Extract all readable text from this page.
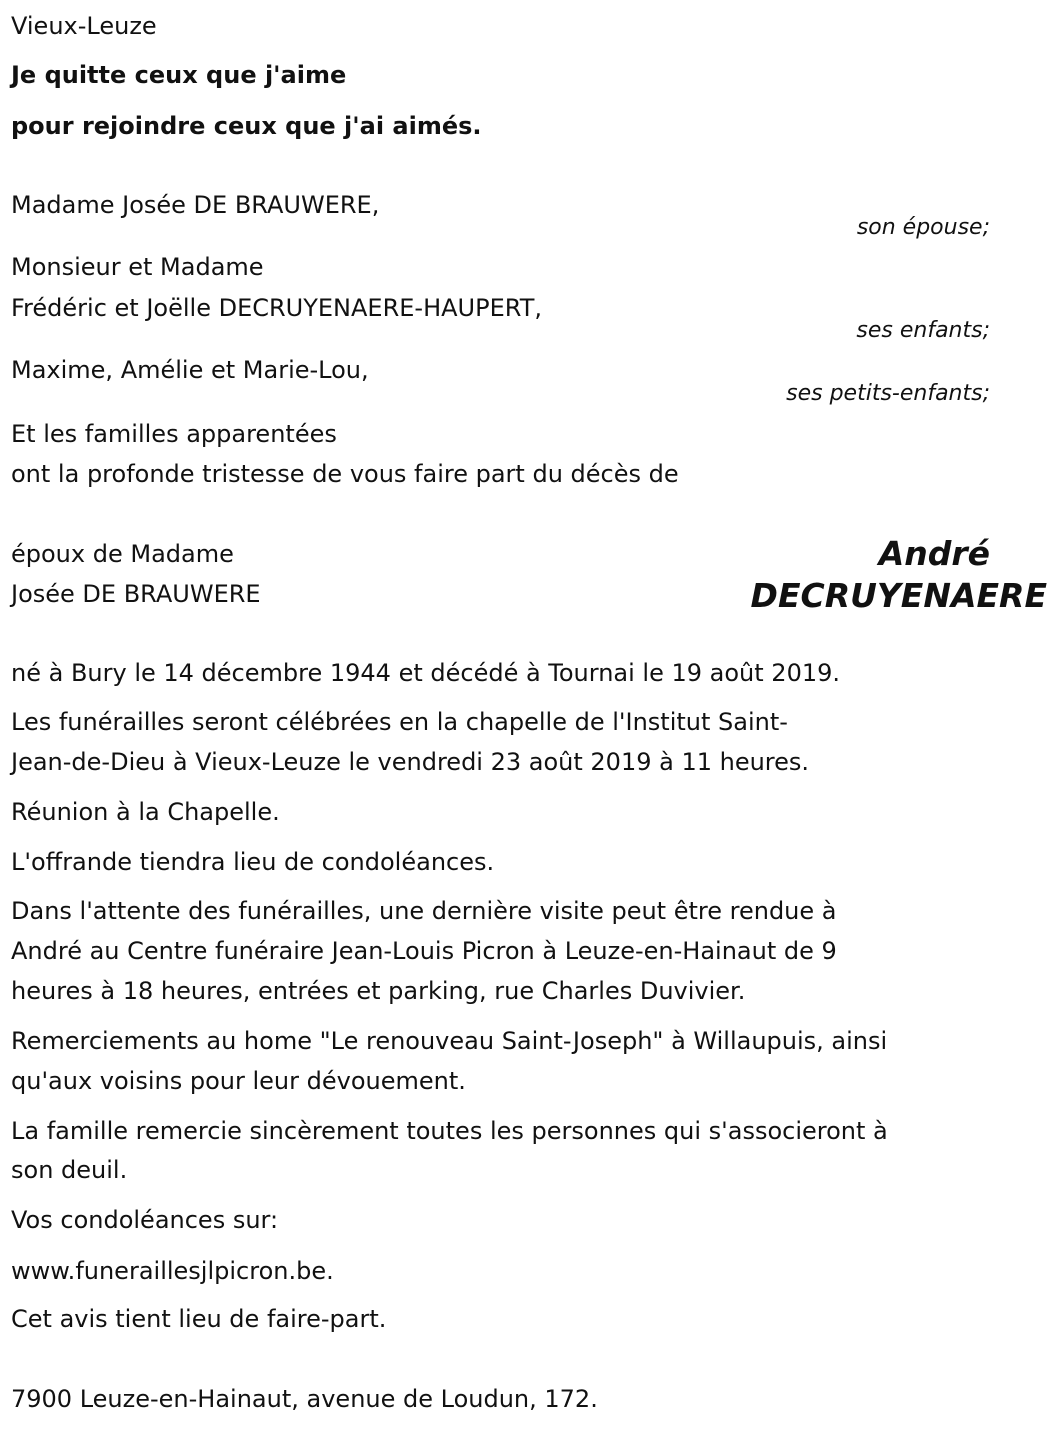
Vieux-Leuze
Je quitte ceux que j'aime
pour rejoindre ceux que j'ai aimés.
Madame Josée DE BRAUWERE,
son épouse;
Monsieur et Madame
Frédéric et Joëlle DECRUYENAERE-HAUPERT,
ses enfants;
Maxime, Amélie et Marie-Lou,
ses petits-enfants;
Et les familles apparentées
ont la profonde tristesse de vous faire part du décès de
époux de Madame
Josée DE BRAUWERE
André
DECRUYENAERE
né à Bury le 14 décembre 1944 et décédé à Tournai le 19 août 2019.
Les funérailles seront célébrées en la chapelle de l'Institut Saint-
Jean-de-Dieu à Vieux-Leuze le vendredi 23 août 2019 à 11 heures.
Réunion à la Chapelle.
L'offrande tiendra lieu de condoléances.
Dans l'attente des funérailles, une dernière visite peut être rendue à
André au Centre funéraire Jean-Louis Picron à Leuze-en-Hainaut de 9
heures à 18 heures, entrées et parking, rue Charles Duvivier.
Remerciements au home "Le renouveau Saint-Joseph" à Willaupuis, ainsi
qu'aux voisins pour leur dévouement.
La famille remercie sincèrement toutes les personnes qui s'associeront à
son deuil.
Vos condoléances sur:
www.funeraillesjlpicron.be.
Cet avis tient lieu de faire-part.
7900 Leuze-en-Hainaut, avenue de Loudun, 172.
